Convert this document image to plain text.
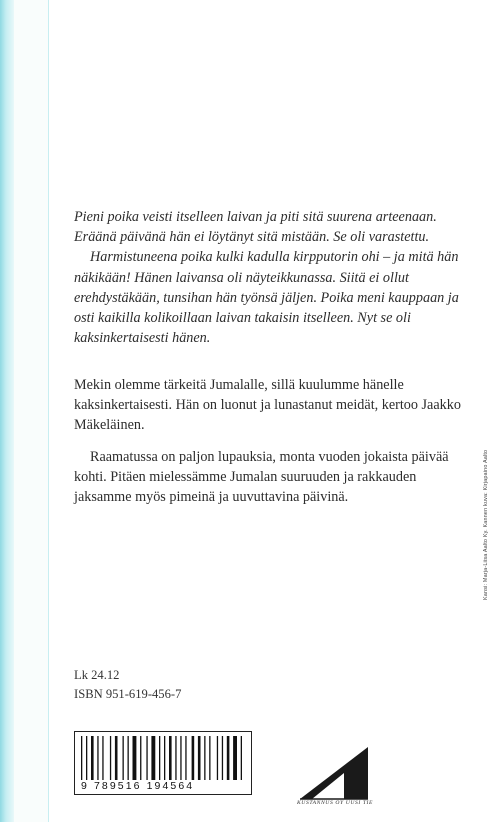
Pieni poika veisti itselleen laivan ja piti sitä suurena arteenaan. Eräänä päivänä hän ei löytänyt sitä mistään. Se oli varastettu.

Harmistuneena poika kulki kadulla kirpputorin ohi – ja mitä hän näkikään! Hänen laivansa oli näyteikkunassa. Siitä ei ollut erehdystäkään, tunsihan hän työnsä jäljen. Poika meni kauppaan ja osti kaikilla kolikoillaan laivan takaisin itselleen. Nyt se oli kaksinkertaisesti hänen.

Mekin olemme tärkeitä Jumalalle, sillä kuulumme hänelle kaksinkertaisesti. Hän on luonut ja lunastanut meidät, kertoo Jaakko Mäkeläinen.

Raamatussa on paljon lupauksia, monta vuoden jokaista päivää kohti. Pitäen mielessämme Jumalan suuruuden ja rakkauden jaksamme myös pimeinä ja uuvuttavina päivinä.

Lk 24.12
ISBN 951-619-456-7
9 789516 194564
KUSTANNUS OY UUSI TIE
Kansi: Marja-Liisa Aalto Ky. Kannen kuva: Kirjapaino Aalto
